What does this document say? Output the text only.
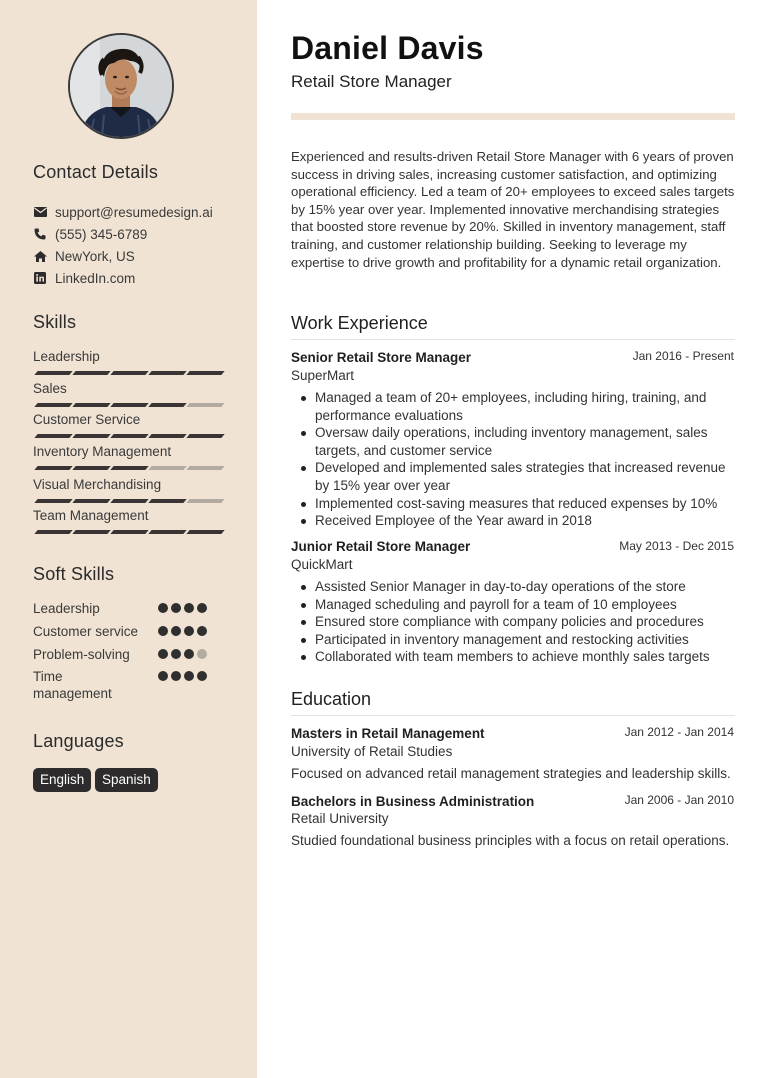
Contact Details
support@resumedesign.ai
(555) 345-6789
NewYork, US
LinkedIn.com
Skills
Leadership
Sales
Customer Service
Inventory Management
Visual Merchandising
Team Management
Soft Skills
Leadership
Customer service
Problem-solving
Time management
Languages
English	Spanish
Daniel Davis
Retail Store Manager
Experienced and results-driven Retail Store Manager with 6 years of proven success in driving sales, increasing customer satisfaction, and optimizing operational efficiency. Led a team of 20+ employees to exceed sales targets by 15% year over year. Implemented innovative merchandising strategies that boosted store revenue by 20%. Skilled in inventory management, staff training, and customer relationship building. Seeking to leverage my expertise to drive growth and profitability for a dynamic retail organization.
Work Experience
Senior Retail Store Manager	Jan 2016 - Present
SuperMart
Managed a team of 20+ employees, including hiring, training, and performance evaluations
Oversaw daily operations, including inventory management, sales targets, and customer service
Developed and implemented sales strategies that increased revenue by 15% year over year
Implemented cost-saving measures that reduced expenses by 10%
Received Employee of the Year award in 2018
Junior Retail Store Manager	May 2013 - Dec 2015
QuickMart
Assisted Senior Manager in day-to-day operations of the store
Managed scheduling and payroll for a team of 10 employees
Ensured store compliance with company policies and procedures
Participated in inventory management and restocking activities
Collaborated with team members to achieve monthly sales targets
Education
Masters in Retail Management	Jan 2012 - Jan 2014
University of Retail Studies
Focused on advanced retail management strategies and leadership skills.
Bachelors in Business Administration	Jan 2006 - Jan 2010
Retail University
Studied foundational business principles with a focus on retail operations.
